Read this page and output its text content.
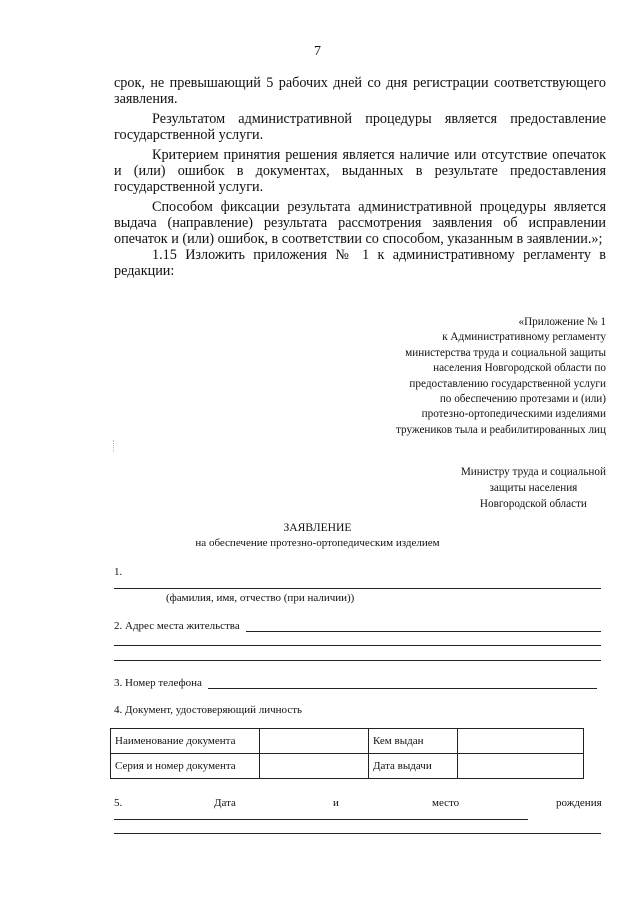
7

срок, не превышающий 5 рабочих дней со дня регистрации соответствующего заявления.

Результатом административной процедуры является предоставление государственной услуги.

Критерием принятия решения является наличие или отсутствие опечаток и (или) ошибок в документах, выданных в результате предоставления государственной услуги.

Способом фиксации результата административной процедуры является выдача (направление) результата рассмотрения заявления об исправлении опечаток и (или) ошибок, в соответствии со способом, указанным в заявлении.»;

1.15 Изложить приложения № 1 к административному регламенту в редакции:

«Приложение № 1
к Административному регламенту
министерства труда и социальной защиты
населения Новгородской области по
предоставлению государственной услуги
по обеспечению протезами и (или)
протезно-ортопедическими изделиями
тружеников тыла и реабилитированных лиц
Министру труда и социальной
защиты населения
Новгородской области
ЗАЯВЛЕНИЕ
на обеспечение протезно-ортопедическим изделием
1.
(фамилия, имя, отчество (при наличии))
2. Адрес места жительства
3. Номер телефона
4. Документ, удостоверяющий личность
Наименование документа		Кем выдан	
Серия и номер документа		Дата выдачи	
5.	Дата	и	место	рождения
